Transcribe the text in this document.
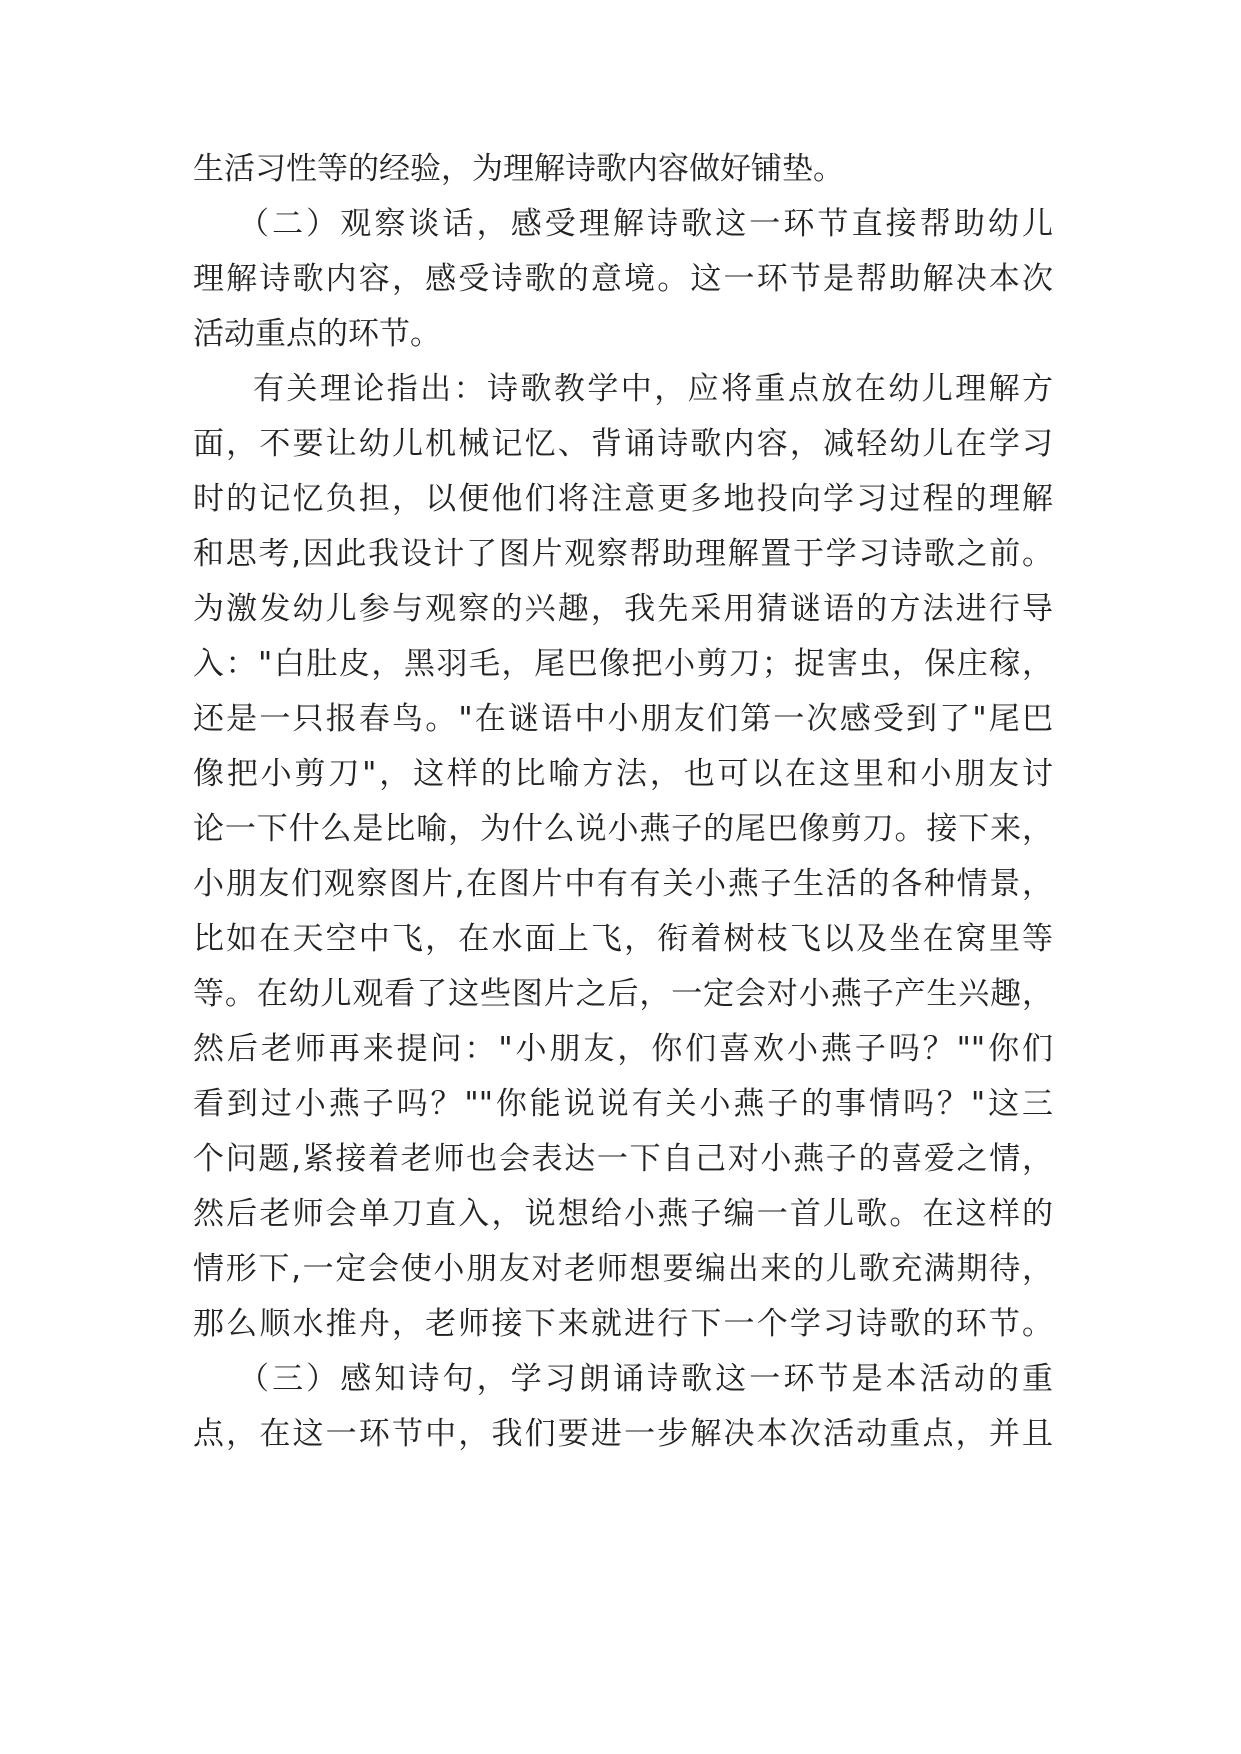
生活习性等的经验，为理解诗歌内容做好铺垫。
（二）观察谈话，感受理解诗歌这一环节直接帮助幼儿
理解诗歌内容，感受诗歌的意境。这一环节是帮助解决本次
活动重点的环节。
有关理论指出：诗歌教学中，应将重点放在幼儿理解方
面，不要让幼儿机械记忆、背诵诗歌内容，减轻幼儿在学习
时的记忆负担，以便他们将注意更多地投向学习过程的理解
和思考,因此我设计了图片观察帮助理解置于学习诗歌之前。
为激发幼儿参与观察的兴趣，我先采用猜谜语的方法进行导
入："白肚皮，黑羽毛，尾巴像把小剪刀；捉害虫，保庄稼，
还是一只报春鸟。"在谜语中小朋友们第一次感受到了"尾巴
像把小剪刀"，这样的比喻方法，也可以在这里和小朋友讨
论一下什么是比喻，为什么说小燕子的尾巴像剪刀。接下来，
小朋友们观察图片,在图片中有有关小燕子生活的各种情景，
比如在天空中飞，在水面上飞，衔着树枝飞以及坐在窝里等
等。在幼儿观看了这些图片之后，一定会对小燕子产生兴趣，
然后老师再来提问："小朋友，你们喜欢小燕子吗？""你们
看到过小燕子吗？""你能说说有关小燕子的事情吗？"这三
个问题,紧接着老师也会表达一下自己对小燕子的喜爱之情，
然后老师会单刀直入，说想给小燕子编一首儿歌。在这样的
情形下,一定会使小朋友对老师想要编出来的儿歌充满期待，
那么顺水推舟，老师接下来就进行下一个学习诗歌的环节。
（三）感知诗句，学习朗诵诗歌这一环节是本活动的重
点，在这一环节中，我们要进一步解决本次活动重点，并且
